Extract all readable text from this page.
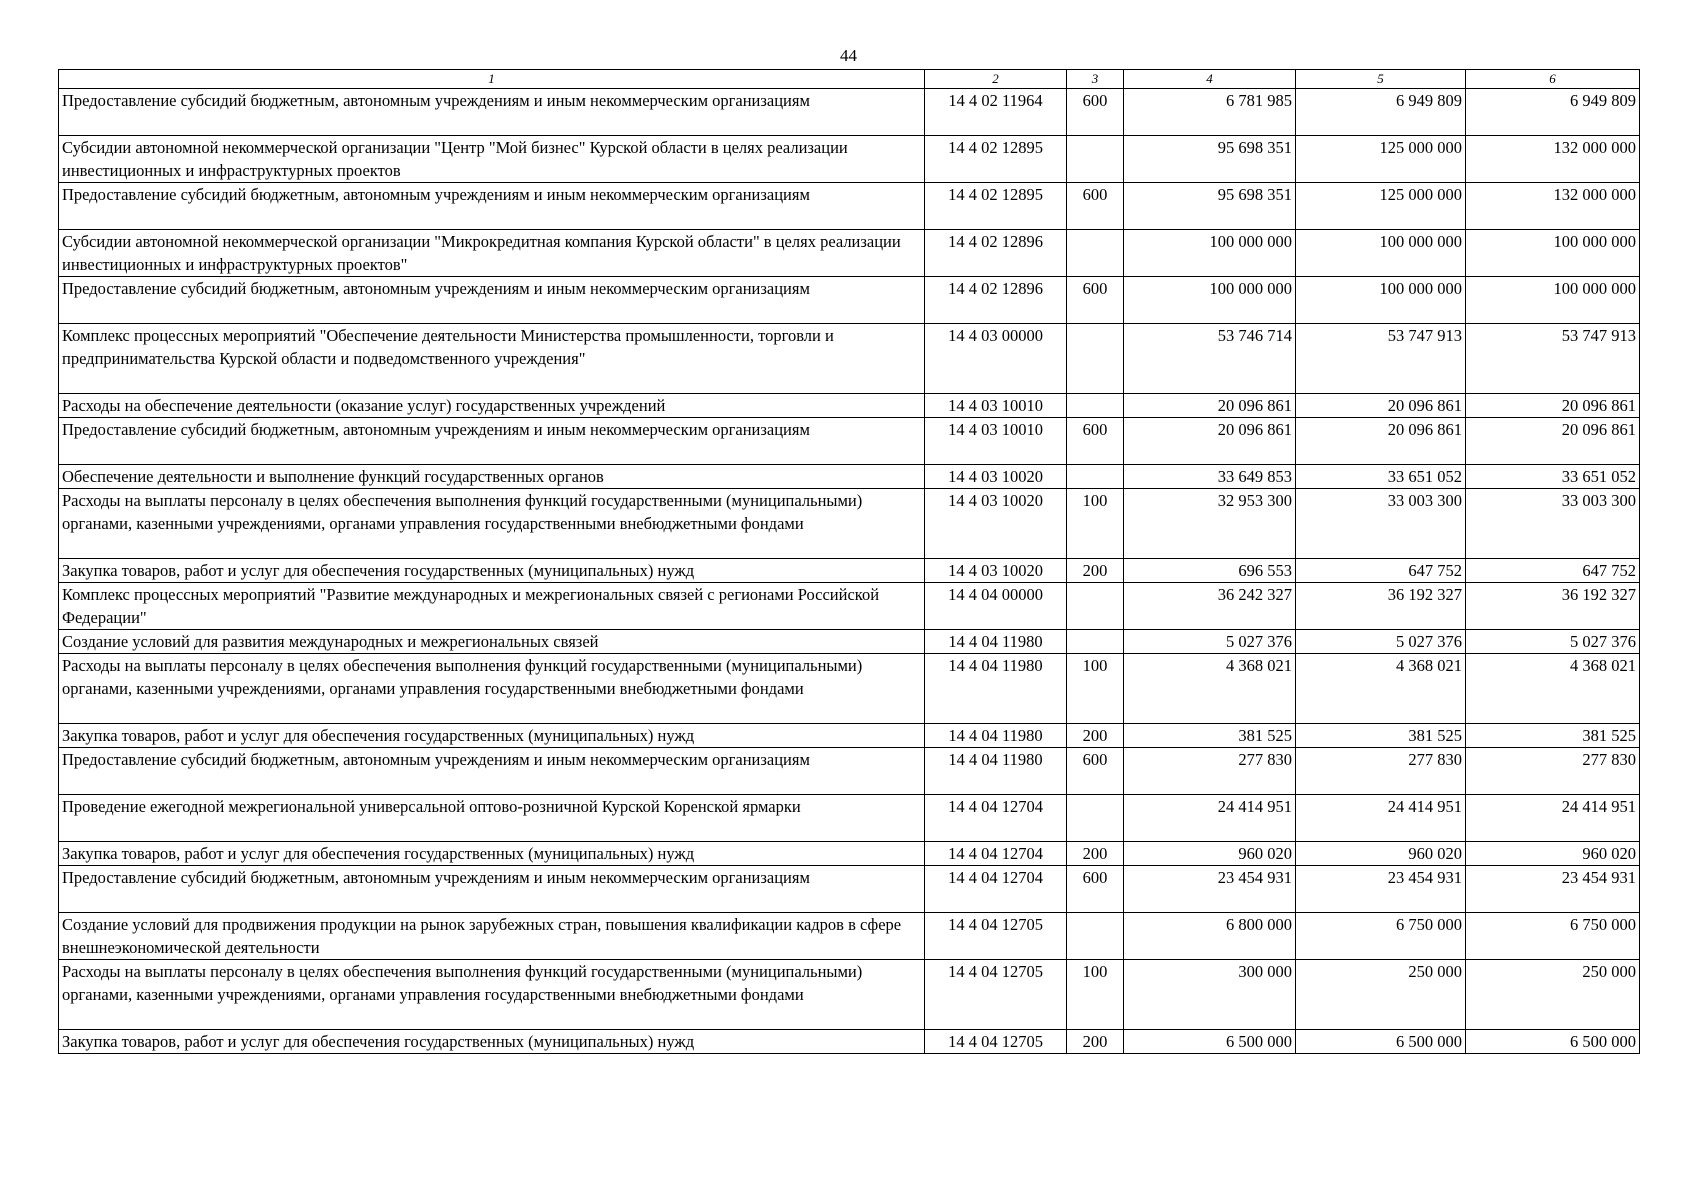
44
1	2	3	4	5	6
Предоставление субсидий бюджетным, автономным учреждениям и иным некоммерческим организациям	14 4 02 11964	600	6 781 985	6 949 809	6 949 809
Субсидии автономной некоммерческой организации "Центр "Мой бизнес" Курской области в целях реализации инвестиционных и инфраструктурных проектов	14 4 02 12895		95 698 351	125 000 000	132 000 000
Предоставление субсидий бюджетным, автономным учреждениям и иным некоммерческим организациям	14 4 02 12895	600	95 698 351	125 000 000	132 000 000
Субсидии автономной некоммерческой организации "Микрокредитная компания Курской области" в целях реализации инвестиционных и инфраструктурных проектов"	14 4 02 12896		100 000 000	100 000 000	100 000 000
Предоставление субсидий бюджетным, автономным учреждениям и иным некоммерческим организациям	14 4 02 12896	600	100 000 000	100 000 000	100 000 000
Комплекс процессных мероприятий "Обеспечение деятельности Министерства промышленности, торговли и предпринимательства Курской области и подведомственного учреждения"	14 4 03 00000		53 746 714	53 747 913	53 747 913
Расходы на обеспечение деятельности (оказание услуг) государственных учреждений	14 4 03 10010		20 096 861	20 096 861	20 096 861
Предоставление субсидий бюджетным, автономным учреждениям и иным некоммерческим организациям	14 4 03 10010	600	20 096 861	20 096 861	20 096 861
Обеспечение деятельности и выполнение функций государственных органов	14 4 03 10020		33 649 853	33 651 052	33 651 052
Расходы на выплаты персоналу в целях обеспечения выполнения функций государственными (муниципальными) органами, казенными учреждениями, органами управления государственными внебюджетными фондами	14 4 03 10020	100	32 953 300	33 003 300	33 003 300
Закупка товаров, работ и услуг для обеспечения государственных (муниципальных) нужд	14 4 03 10020	200	696 553	647 752	647 752
Комплекс процессных мероприятий "Развитие международных и межрегиональных связей с регионами Российской Федерации"	14 4 04 00000		36 242 327	36 192 327	36 192 327
Создание условий для развития международных и межрегиональных связей	14 4 04 11980		5 027 376	5 027 376	5 027 376
Расходы на выплаты персоналу в целях обеспечения выполнения функций государственными (муниципальными) органами, казенными учреждениями, органами управления государственными внебюджетными фондами	14 4 04 11980	100	4 368 021	4 368 021	4 368 021
Закупка товаров, работ и услуг для обеспечения государственных (муниципальных) нужд	14 4 04 11980	200	381 525	381 525	381 525
Предоставление субсидий бюджетным, автономным учреждениям и иным некоммерческим организациям	14 4 04 11980	600	277 830	277 830	277 830
Проведение ежегодной межрегиональной универсальной оптово-розничной Курской Коренской ярмарки	14 4 04 12704		24 414 951	24 414 951	24 414 951
Закупка товаров, работ и услуг для обеспечения государственных (муниципальных) нужд	14 4 04 12704	200	960 020	960 020	960 020
Предоставление субсидий бюджетным, автономным учреждениям и иным некоммерческим организациям	14 4 04 12704	600	23 454 931	23 454 931	23 454 931
Создание условий для продвижения продукции на рынок зарубежных стран, повышения квалификации кадров в сфере внешнеэкономической деятельности	14 4 04 12705		6 800 000	6 750 000	6 750 000
Расходы на выплаты персоналу в целях обеспечения выполнения функций государственными (муниципальными) органами, казенными учреждениями, органами управления государственными внебюджетными фондами	14 4 04 12705	100	300 000	250 000	250 000
Закупка товаров, работ и услуг для обеспечения государственных (муниципальных) нужд	14 4 04 12705	200	6 500 000	6 500 000	6 500 000
